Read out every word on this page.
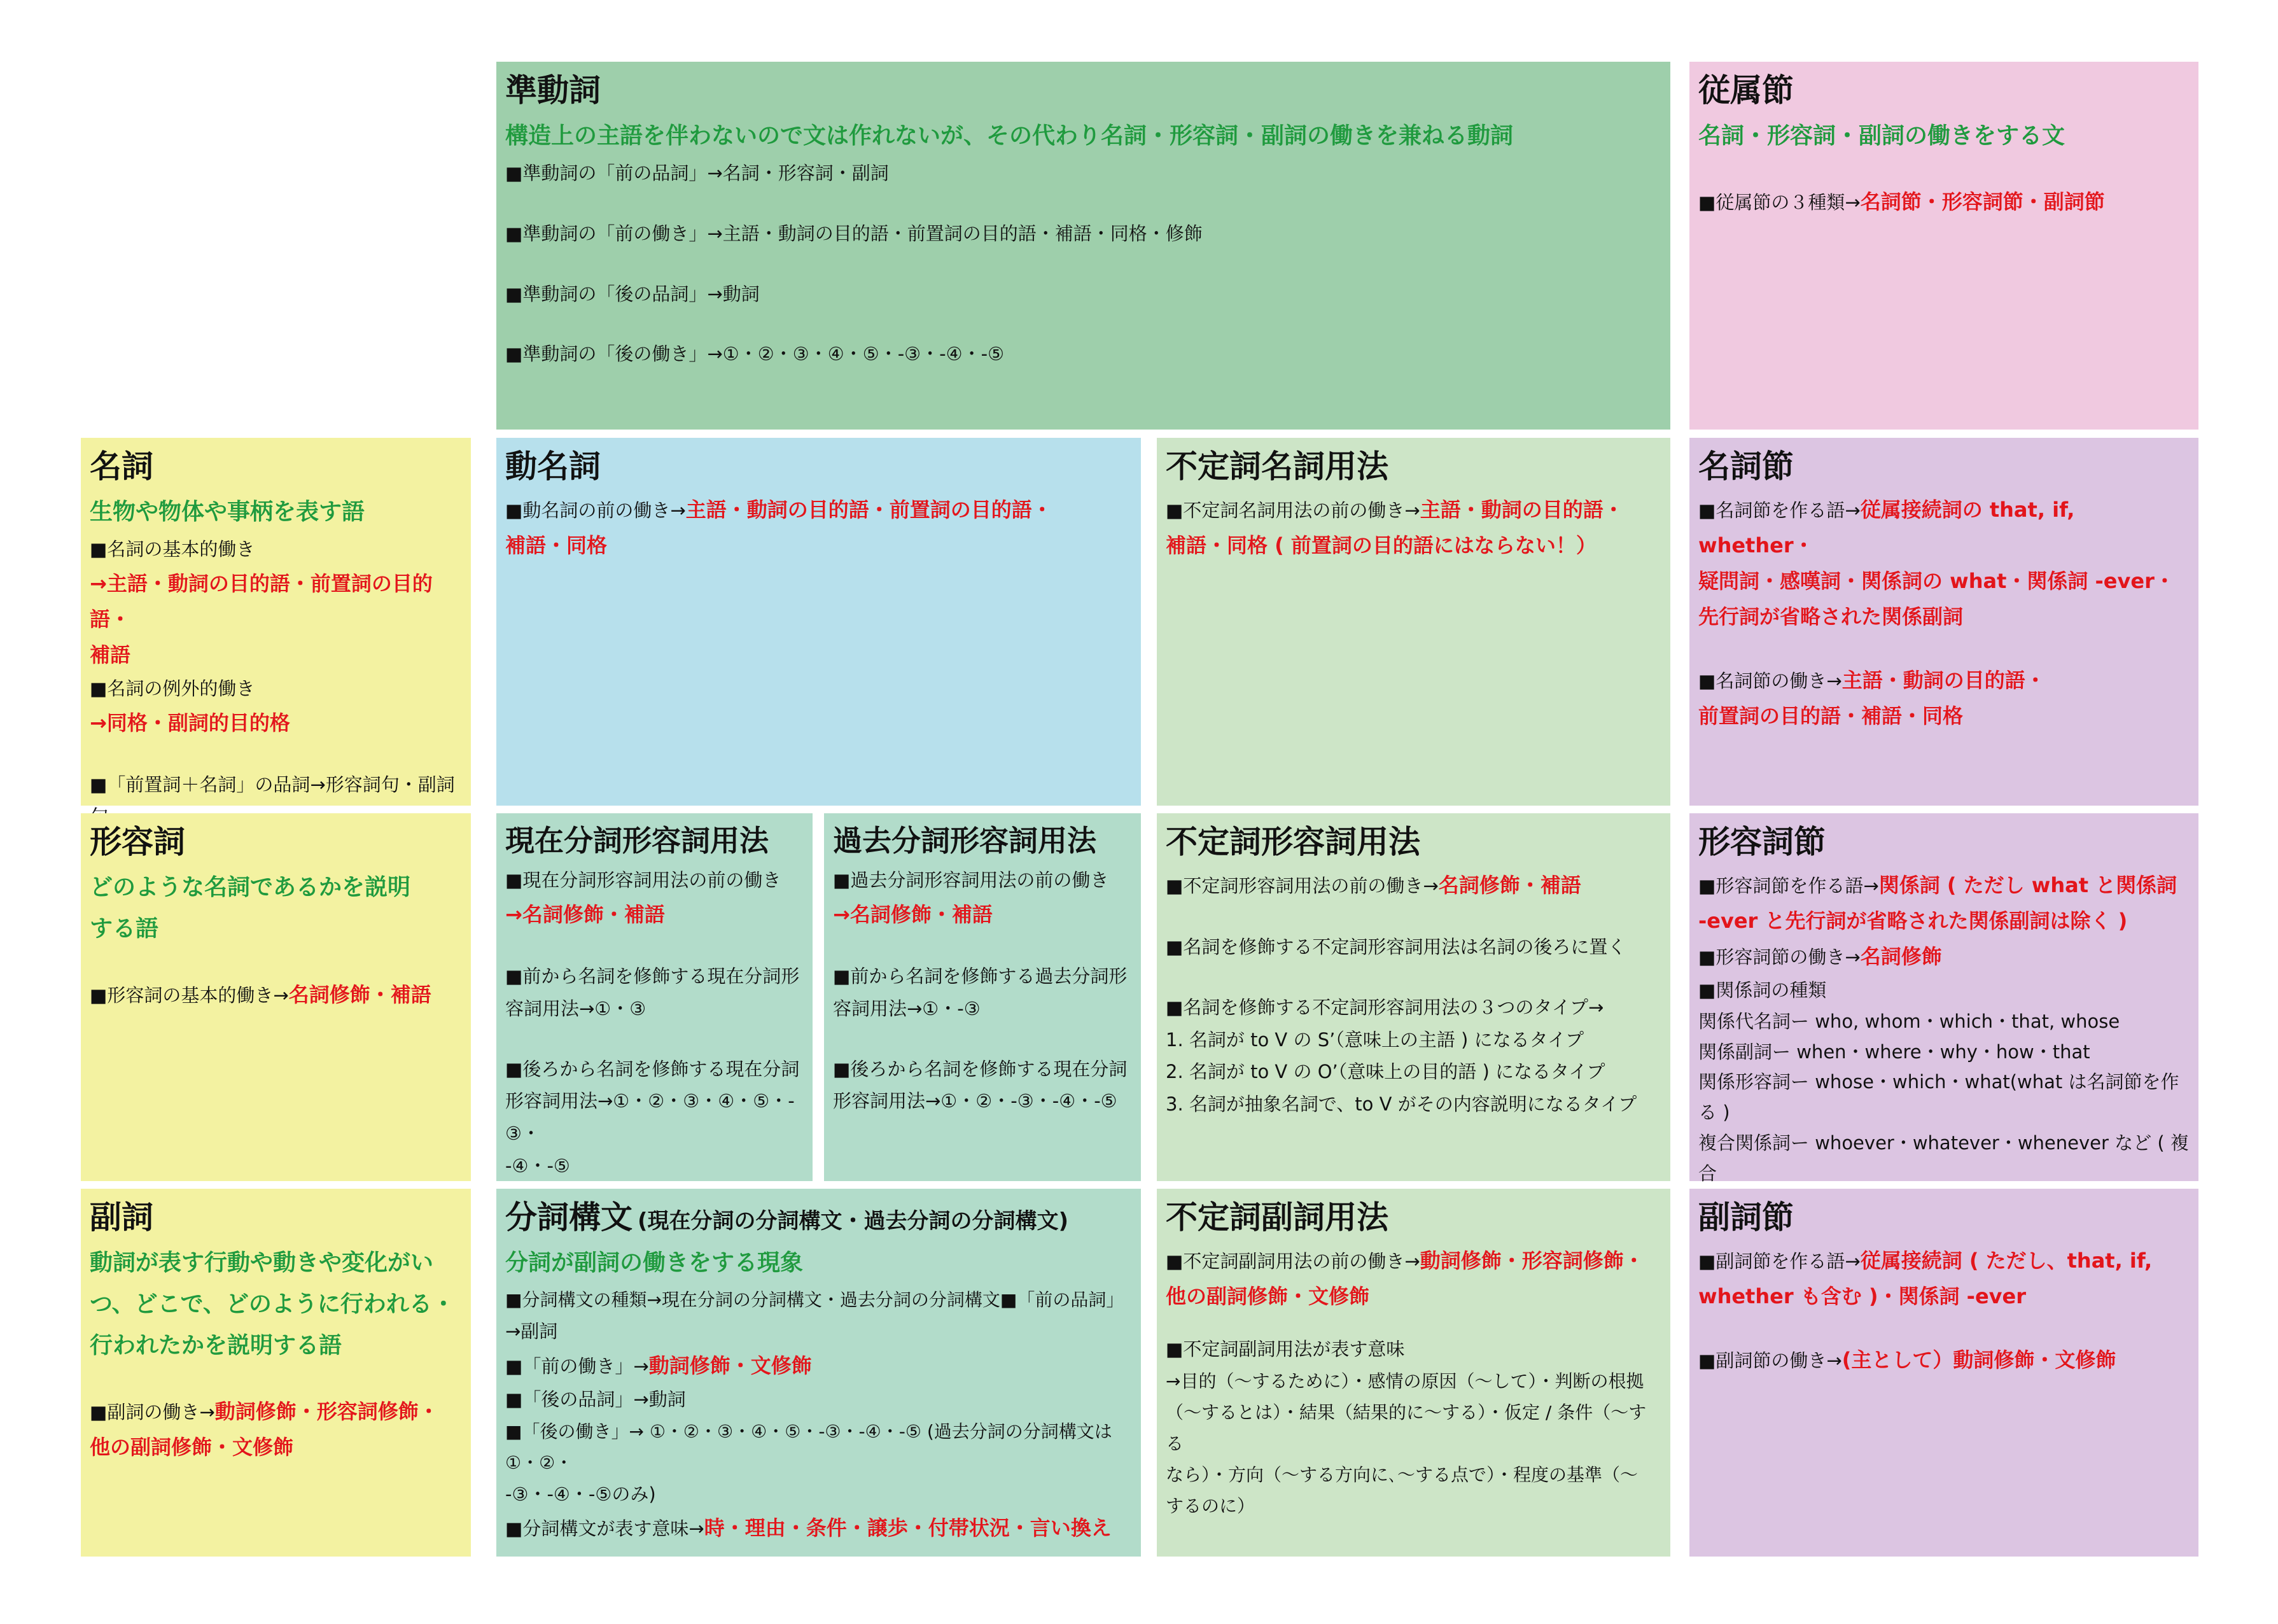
準動詞
構造上の主語を伴わないので文は作れないが、その代わり名詞・形容詞・副詞の働きを兼ねる動詞

■準動詞の「前の品詞」→名詞・形容詞・副詞

■準動詞の「前の働き」→主語・動詞の目的語・前置詞の目的語・補語・同格・修飾

■準動詞の「後の品詞」→動詞

■準動詞の「後の働き」→①・②・③・④・⑤・-③・-④・-⑤

従属節
名詞・形容詞・副詞の働きをする文

■従属節の３種類→名詞節・形容詞節・副詞節

名詞
生物や物体や事柄を表す語

■名詞の基本的働き

→主語・動詞の目的語・前置詞の目的語・

補語

■名詞の例外的働き

→同格・副詞的目的格

■「前置詞＋名詞」の品詞→形容詞句・副詞

動名詞

■動名詞の前の働き→主語・動詞の目的語・前置詞の目的語・

補語・同格

不定詞名詞用法

■不定詞名詞用法の前の働き→主語・動詞の目的語・

補語・同格 ( 前置詞の目的語にはならない！）

名詞節

■名詞節を作る語→従属接続詞の that, if, whether・

疑問詞・感嘆詞・関係詞の what・関係詞 -ever・

先行詞が省略された関係副詞

■名詞節の働き→主語・動詞の目的語・

前置詞の目的語・補語・同格

形容詞
どのような名詞であるかを説明
する語

■形容詞の基本的働き→名詞修飾・補語

現在分詞形容詞用法

■現在分詞形容詞用法の前の働き

→名詞修飾・補語

■前から名詞を修飾する現在分詞形

容詞用法→①・③

■後ろから名詞を修飾する現在分詞

形容詞用法→①・②・③・④・⑤・-③・

-④・-⑤

過去分詞形容詞用法

■過去分詞形容詞用法の前の働き

→名詞修飾・補語

■前から名詞を修飾する過去分詞形

容詞用法→①・-③

■後ろから名詞を修飾する現在分詞

形容詞用法→①・②・-③・-④・-⑤

不定詞形容詞用法

■不定詞形容詞用法の前の働き→名詞修飾・補語

■名詞を修飾する不定詞形容詞用法は名詞の後ろに置く

■名詞を修飾する不定詞形容詞用法の３つのタイプ→

1. 名詞が to V の S’（意味上の主語 ) になるタイプ

2. 名詞が to V の O’（意味上の目的語 ) になるタイプ

3. 名詞が抽象名詞で、to V がその内容説明になるタイプ

形容詞節

■形容詞節を作る語→関係詞 ( ただし what と関係詞

-ever と先行詞が省略された関係副詞は除く )

■形容詞節の働き→名詞修飾

■関係詞の種類

関係代名詞ー who, whom・which・that, whose

関係副詞ー when・where・why・how・that

関係形容詞ー whose・which・what(what は名詞節を作る )

複合関係詞ー whoever・whatever・whenever など ( 複合

副詞
動詞が表す行動や動きや変化がい
つ、どこで、どのように行われる・
行われたかを説明する語

■副詞の働き→動詞修飾・形容詞修飾・

他の副詞修飾・文修飾

分詞構文 (現在分詞の分詞構文・過去分詞の分詞構文)
分詞が副詞の働きをする現象

■分詞構文の種類→現在分詞の分詞構文・過去分詞の分詞構文■「前の品詞」

→副詞

■「前の働き」→動詞修飾・文修飾

■「後の品詞」→動詞

■「後の働き」→ ①・②・③・④・⑤・-③・-④・-⑤ (過去分詞の分詞構文は①・②・

-③・-④・-⑤のみ)

■分詞構文が表す意味→時・理由・条件・譲歩・付帯状況・言い換え

不定詞副詞用法

■不定詞副詞用法の前の働き→動詞修飾・形容詞修飾・

他の副詞修飾・文修飾

■不定詞副詞用法が表す意味

→目的（～するために）・感情の原因（～して）・判断の根拠

（～するとは）・結果（結果的に～する）・仮定 / 条件（～する

なら）・方向（～する方向に､～する点で）・程度の基準（～

するのに）

副詞節

■副詞節を作る語→従属接続詞 ( ただし、that, if,

whether も含む )・関係詞 -ever

■副詞節の働き→(主として）動詞修飾・文修飾
